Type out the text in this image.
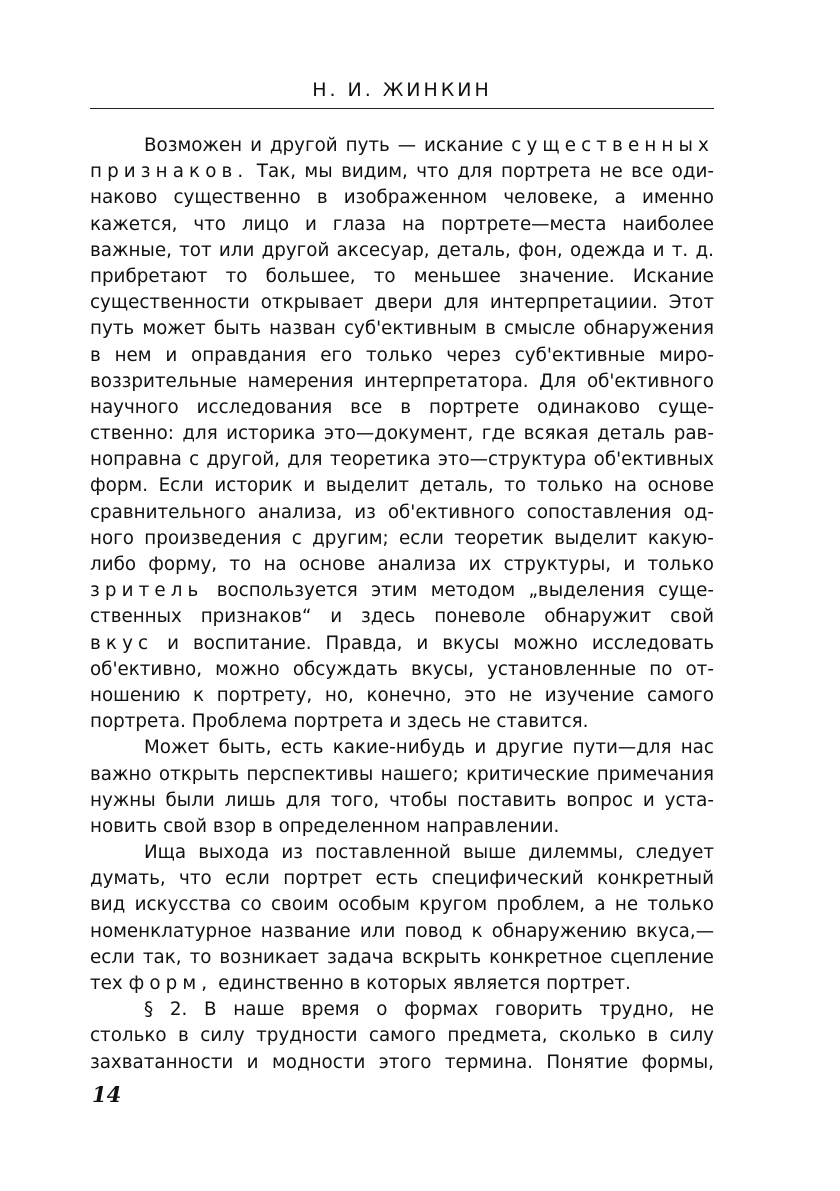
Н. И. ЖИНКИН
Возможен и другой путь — искание существенных
признаков. Так, мы видим, что для портрета не все оди-
наково существенно в изображенном человеке, а именно
кажется, что лицо и глаза на портрете—места наиболее
важные, тот или другой аксесуар, деталь, фон, одежда и т. д.
прибретают то большее, то меньшее значение. Искание
существенности открывает двери для интерпретациии. Этот
путь может быть назван суб'ективным в смысле обнаружения
в нем и оправдания его только через суб'ективные миро-
воззрительные намерения интерпретатора. Для об'ективного
научного исследования все в портрете одинаково суще-
ственно: для историка это—документ, где всякая деталь рав-
ноправна с другой, для теоретика это—структура об'ективных
форм. Если историк и выделит деталь, то только на основе
сравнительного анализа, из об'ективного сопоставления од-
ного произведения с другим; если теоретик выделит какую-
либо форму, то на основе анализа их структуры, и только
зритель воспользуется этим методом „выделения суще-
ственных признаков“ и здесь поневоле обнаружит свой
вкус и воспитание. Правда, и вкусы можно исследовать
об'ективно, можно обсуждать вкусы, установленные по от-
ношению к портрету, но, конечно, это не изучение самого
портрета. Проблема портрета и здесь не ставится.
Может быть, есть какие-нибудь и другие пути—для нас
важно открыть перспективы нашего; критические примечания
нужны были лишь для того, чтобы поставить вопрос и уста-
новить свой взор в определенном направлении.
Ища выхода из поставленной выше дилеммы, следует
думать, что если портрет есть специфический конкретный
вид искусства со своим особым кругом проблем, а не только
номенклатурное название или повод к обнаружению вкуса,—
если так, то возникает задача вскрыть конкретное сцепление
тех форм, единственно в которых является портрет.
§ 2. В наше время о формах говорить трудно, не
столько в силу трудности самого предмета, сколько в силу
захватанности и модности этого термина. Понятие формы,
14
